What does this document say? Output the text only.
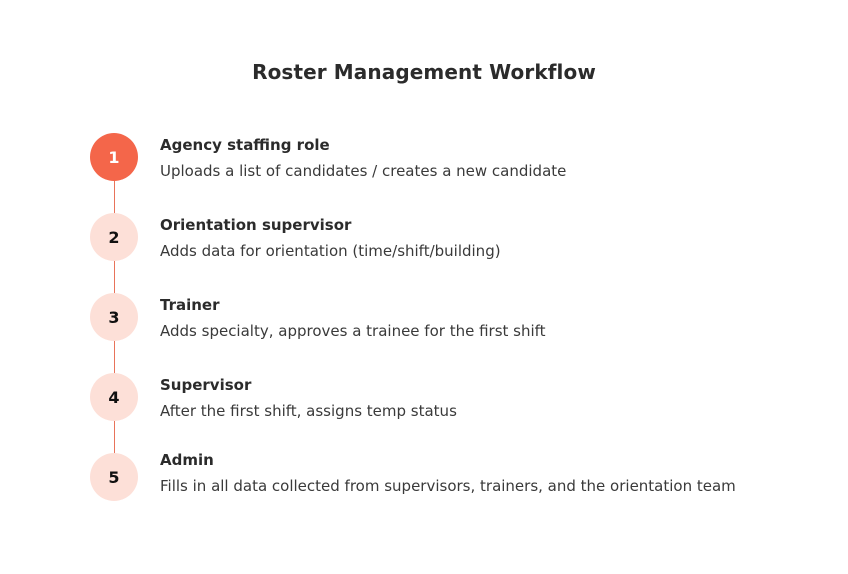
Roster Management Workflow
1
Agency staffing role
Uploads a list of candidates / creates a new candidate
2
Orientation supervisor
Adds data for orientation (time/shift/building)
3
Trainer
Adds specialty, approves a trainee for the first shift
4
Supervisor
After the first shift, assigns temp status
5
Admin
Fills in all data collected from supervisors, trainers, and the orientation team
